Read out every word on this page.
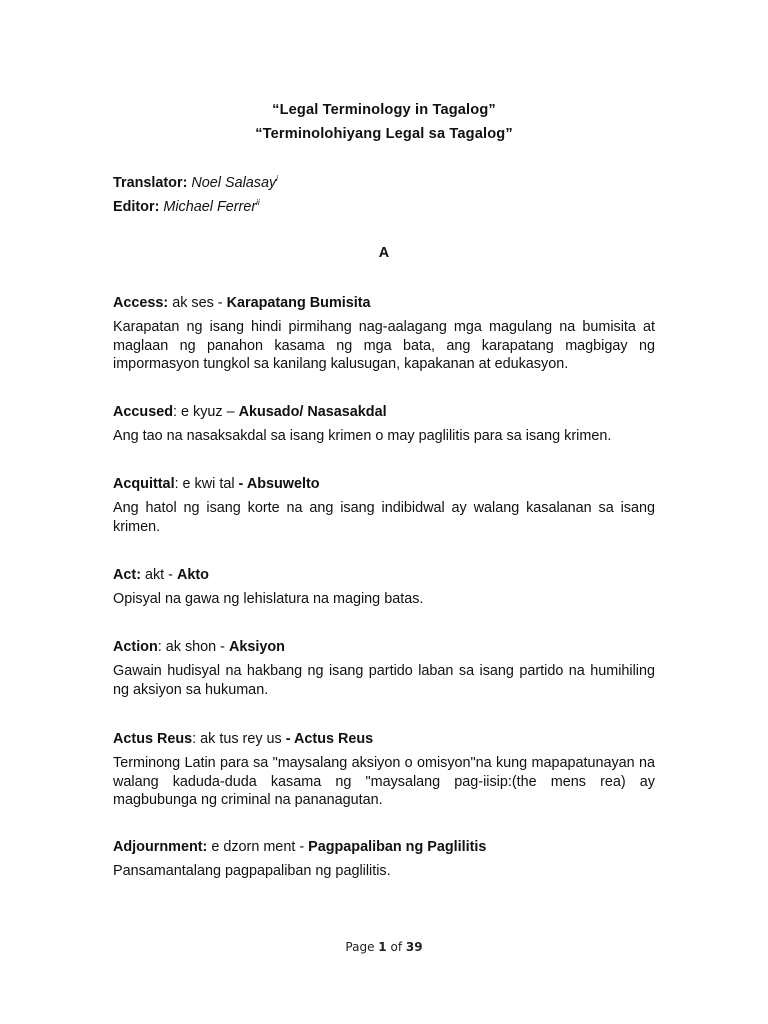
“Legal Terminology in Tagalog”

“Terminolohiyang Legal sa Tagalog”

Translator: Noel Salasay$^i$

Editor: Michael Ferrer$^{ii}$

A

Access: ak ses - Karapatang Bumisita

Karapatan ng isang hindi pirmihang nag-aalagang mga magulang na bumisita at maglaan ng panahon kasama ng mga bata, ang karapatang magbigay ng impormasyon tungkol sa kanilang kalusugan, kapakanan at edukasyon.

Accused: e kyuz – Akusado/ Nasasakdal

Ang tao na nasaksakdal sa isang krimen o may paglilitis para sa isang krimen.

Acquittal: e kwi tal - Absuwelto

Ang hatol ng isang korte na ang isang indibidwal ay walang kasalanan sa isang krimen.

Act: akt - Akto

Opisyal na gawa ng lehislatura na maging batas.

Action: ak shon - Aksiyon

Gawain hudisyal na hakbang ng isang partido laban sa isang partido na humihiling ng aksiyon sa hukuman.

Actus Reus: ak tus rey us - Actus Reus

Terminong Latin para sa "maysalang aksiyon o omisyon"na kung mapapatunayan na walang kaduda-duda kasama ng "maysalang pag-iisip:(the mens rea) ay magbubunga ng criminal na pananagutan.

Adjournment: e dzorn ment - Pagpapaliban ng Paglilitis

Pansamantalang pagpapaliban ng paglilitis.

Page 1 of 39
